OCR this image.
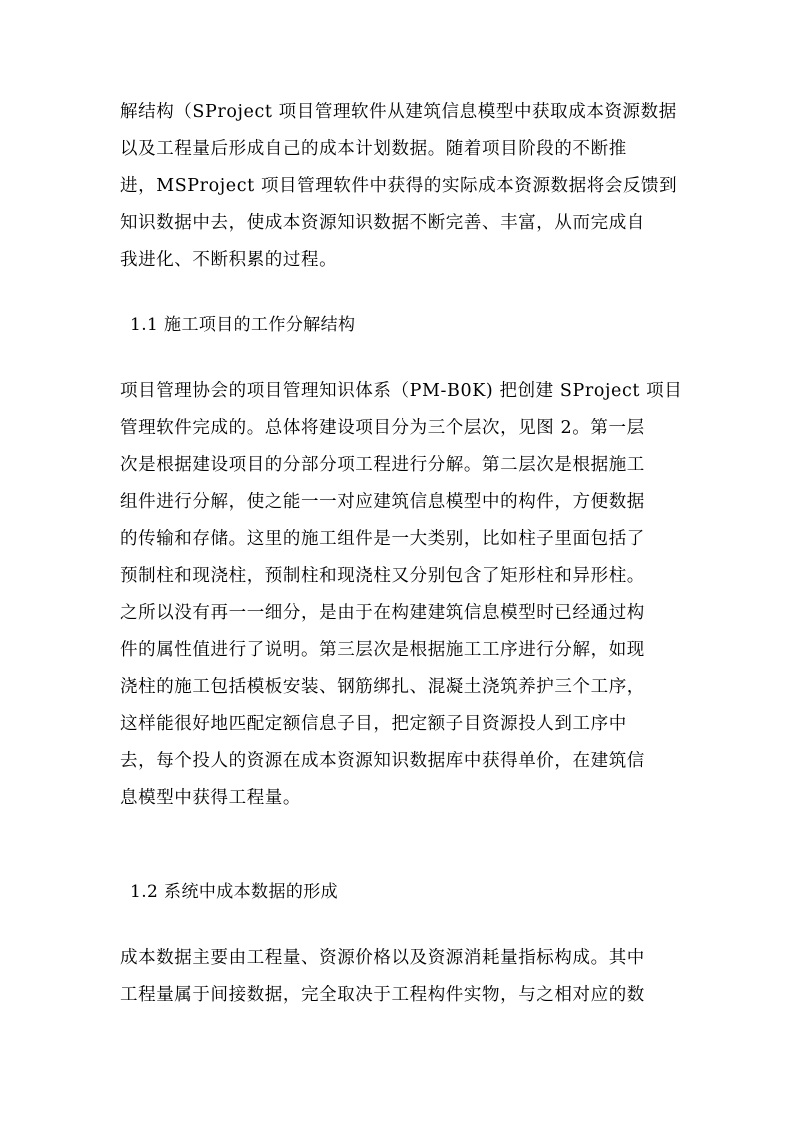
解结构（SProject 项目管理软件从建筑信息模型中获取成本资源数据
以及工程量后形成自己的成本计划数据。随着项目阶段的不断推
进，MSProject 项目管理软件中获得的实际成本资源数据将会反馈到
知识数据中去，使成本资源知识数据不断完善、丰富，从而完成自
我进化、不断积累的过程。
1.1 施工项目的工作分解结构
项目管理协会的项目管理知识体系（PM-B0K) 把创建 SProject 项目
管理软件完成的。总体将建设项目分为三个层次，见图 2。第一层
次是根据建设项目的分部分项工程进行分解。第二层次是根据施工
组件进行分解，使之能一一对应建筑信息模型中的构件，方便数据
的传输和存储。这里的施工组件是一大类别，比如柱子里面包括了
预制柱和现浇柱，预制柱和现浇柱又分别包含了矩形柱和异形柱。
之所以没有再一一细分，是由于在构建建筑信息模型时已经通过构
件的属性值进行了说明。第三层次是根据施工工序进行分解，如现
浇柱的施工包括模板安装、钢筋绑扎、混凝土浇筑养护三个工序，
这样能很好地匹配定额信息子目，把定额子目资源投人到工序中
去，每个投人的资源在成本资源知识数据库中获得单价，在建筑信
息模型中获得工程量。
1.2 系统中成本数据的形成
成本数据主要由工程量、资源价格以及资源消耗量指标构成。其中
工程量属于间接数据，完全取决于工程构件实物，与之相对应的数
